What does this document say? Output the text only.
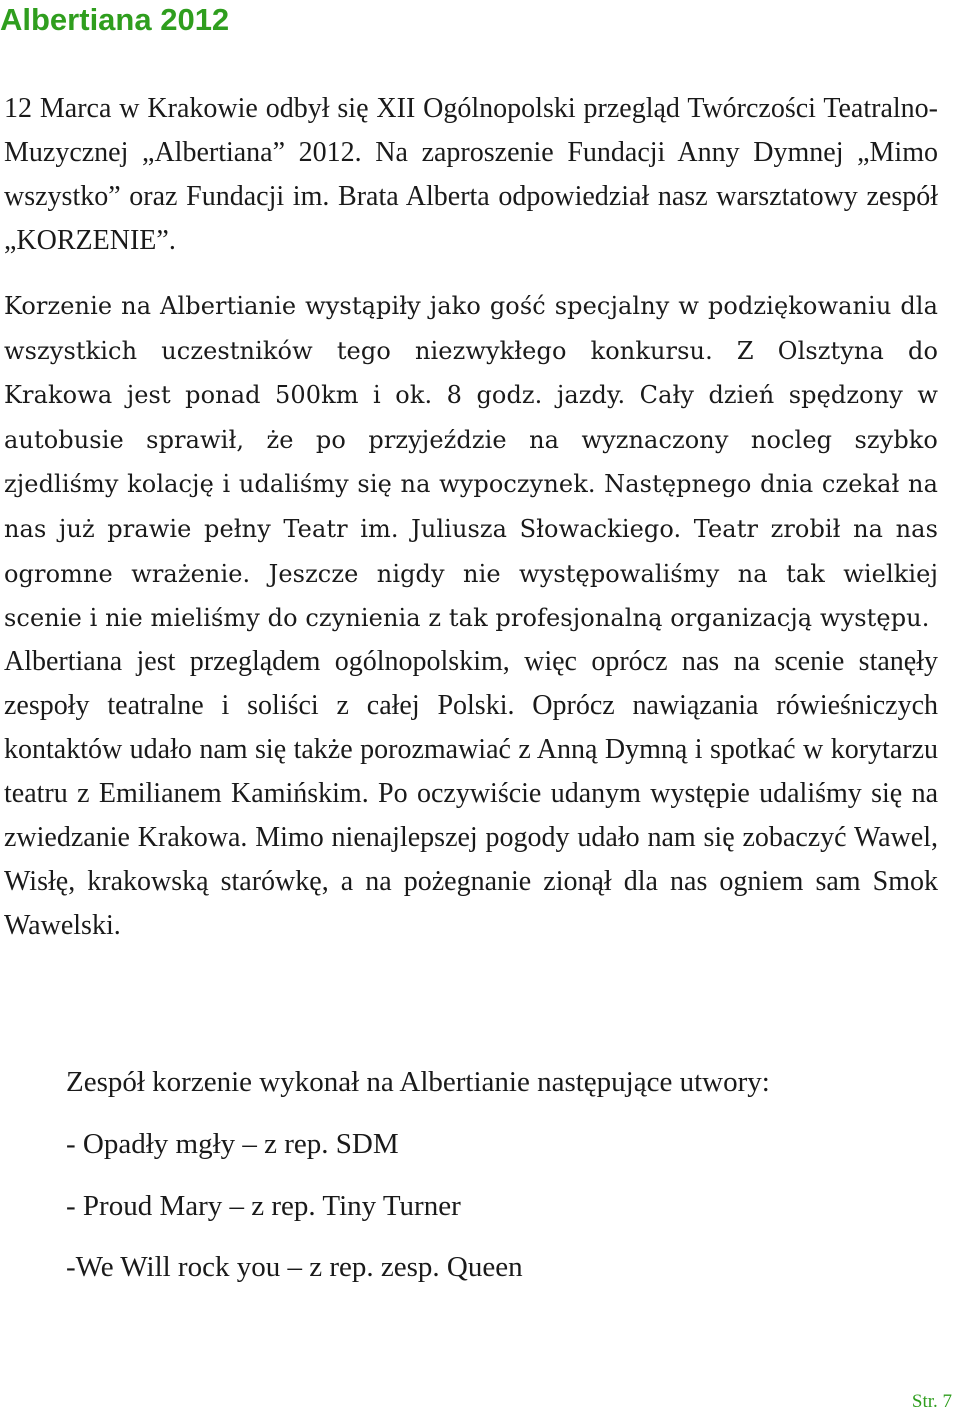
Albertiana 2012

12 Marca w Krakowie odbył się XII Ogólnopolski przegląd Twórczości Teatralno-Muzycznej „Albertiana” 2012. Na zaproszenie Fundacji Anny Dymnej „Mimo wszystko” oraz Fundacji im. Brata Alberta odpowiedział nasz warsztatowy zespół „KORZENIE”.

Korzenie na Albertianie wystąpiły jako gość specjalny w podziękowaniu dla wszystkich uczestników tego niezwykłego konkursu. Z Olsztyna do Krakowa jest ponad 500km i ok. 8 godz. jazdy. Cały dzień spędzony w autobusie sprawił, że po przyjeździe na wyznaczony nocleg szybko zjedliśmy kolację i udaliśmy się na wypoczynek. Następnego dnia czekał na nas już prawie pełny Teatr im. Juliusza Słowackiego. Teatr zrobił na nas ogromne wrażenie. Jeszcze nigdy nie występowaliśmy na tak wielkiej scenie i nie mieliśmy do czynienia z tak profesjonalną organizacją występu.

Albertiana jest przeglądem ogólnopolskim, więc oprócz nas na scenie stanęły zespoły teatralne i soliści z całej Polski. Oprócz nawiązania rówieśniczych kontaktów udało nam się także porozmawiać z Anną Dymną i spotkać w korytarzu teatru z Emilianem Kamińskim. Po oczywiście udanym występie udaliśmy się na zwiedzanie Krakowa. Mimo nienajlepszej pogody udało nam się zobaczyć Wawel, Wisłę, krakowską starówkę, a na pożegnanie zionął dla nas ogniem sam Smok Wawelski.

Zespół korzenie wykonał na Albertianie następujące utwory:

- Opadły mgły – z rep. SDM

- Proud Mary – z rep. Tiny Turner

-We Will rock you – z rep. zesp. Queen

Str. 7
